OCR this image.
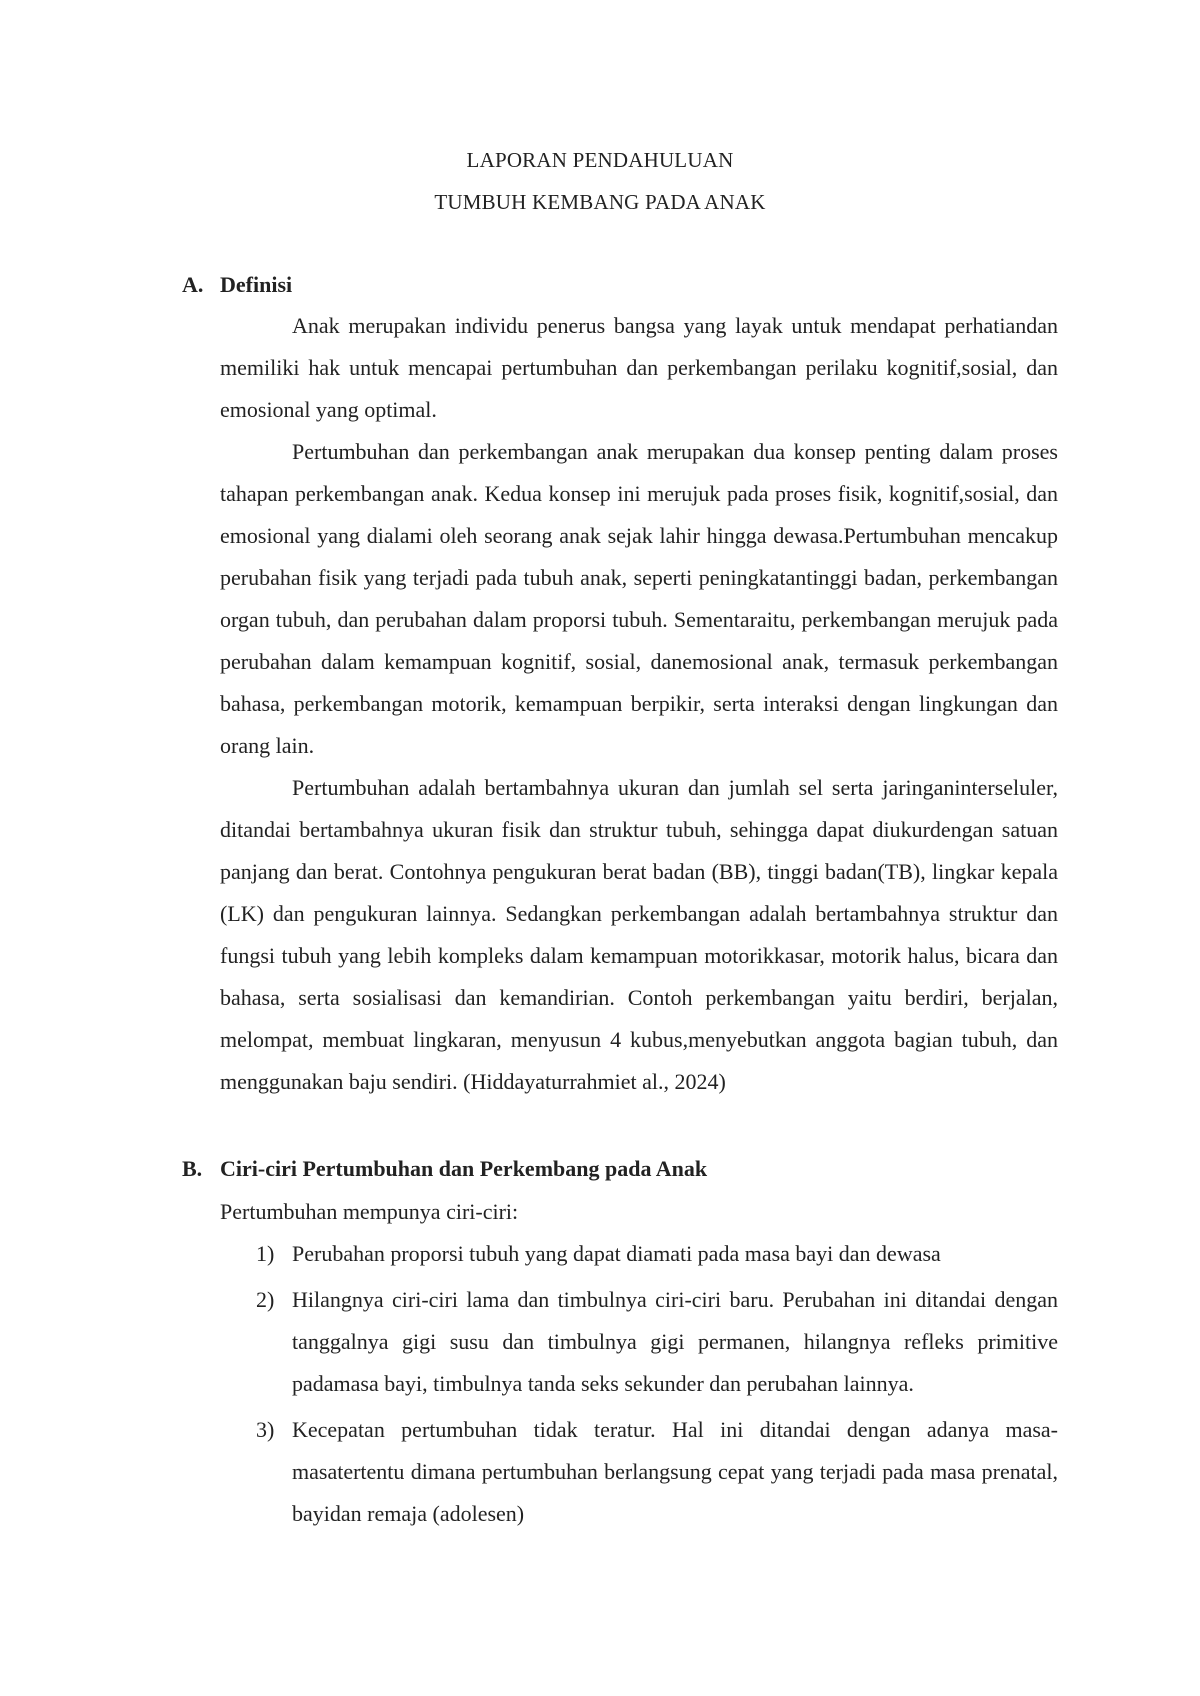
LAPORAN PENDAHULUAN
TUMBUH KEMBANG PADA ANAK
A. Definisi

Anak merupakan individu penerus bangsa yang layak untuk mendapat perhatiandan memiliki hak untuk mencapai pertumbuhan dan perkembangan perilaku kognitif,sosial, dan emosional yang optimal.

Pertumbuhan dan perkembangan anak merupakan dua konsep penting dalam proses tahapan perkembangan anak. Kedua konsep ini merujuk pada proses fisik, kognitif,sosial, dan emosional yang dialami oleh seorang anak sejak lahir hingga dewasa.Pertumbuhan mencakup perubahan fisik yang terjadi pada tubuh anak, seperti peningkatantinggi badan, perkembangan organ tubuh, dan perubahan dalam proporsi tubuh. Sementaraitu, perkembangan merujuk pada perubahan dalam kemampuan kognitif, sosial, danemosional anak, termasuk perkembangan bahasa, perkembangan motorik, kemampuan berpikir, serta interaksi dengan lingkungan dan orang lain.

Pertumbuhan adalah bertambahnya ukuran dan jumlah sel serta jaringaninterseluler, ditandai bertambahnya ukuran fisik dan struktur tubuh, sehingga dapat diukurdengan satuan panjang dan berat. Contohnya pengukuran berat badan (BB), tinggi badan(TB), lingkar kepala (LK) dan pengukuran lainnya. Sedangkan perkembangan adalah bertambahnya struktur dan fungsi tubuh yang lebih kompleks dalam kemampuan motorikkasar, motorik halus, bicara dan bahasa, serta sosialisasi dan kemandirian. Contoh perkembangan yaitu berdiri, berjalan, melompat, membuat lingkaran, menyusun 4 kubus,menyebutkan anggota bagian tubuh, dan menggunakan baju sendiri. (Hiddayaturrahmiet al., 2024)

B. Ciri-ciri Pertumbuhan dan Perkembang pada Anak
Pertumbuhan mempunya ciri-ciri:
1) Perubahan proporsi tubuh yang dapat diamati pada masa bayi dan dewasa
2) Hilangnya ciri-ciri lama dan timbulnya ciri-ciri baru. Perubahan ini ditandai dengan tanggalnya gigi susu dan timbulnya gigi permanen, hilangnya refleks primitive padamasa bayi, timbulnya tanda seks sekunder dan perubahan lainnya.
3) Kecepatan pertumbuhan tidak teratur. Hal ini ditandai dengan adanya masa-masatertentu dimana pertumbuhan berlangsung cepat yang terjadi pada masa prenatal, bayidan remaja (adolesen)
